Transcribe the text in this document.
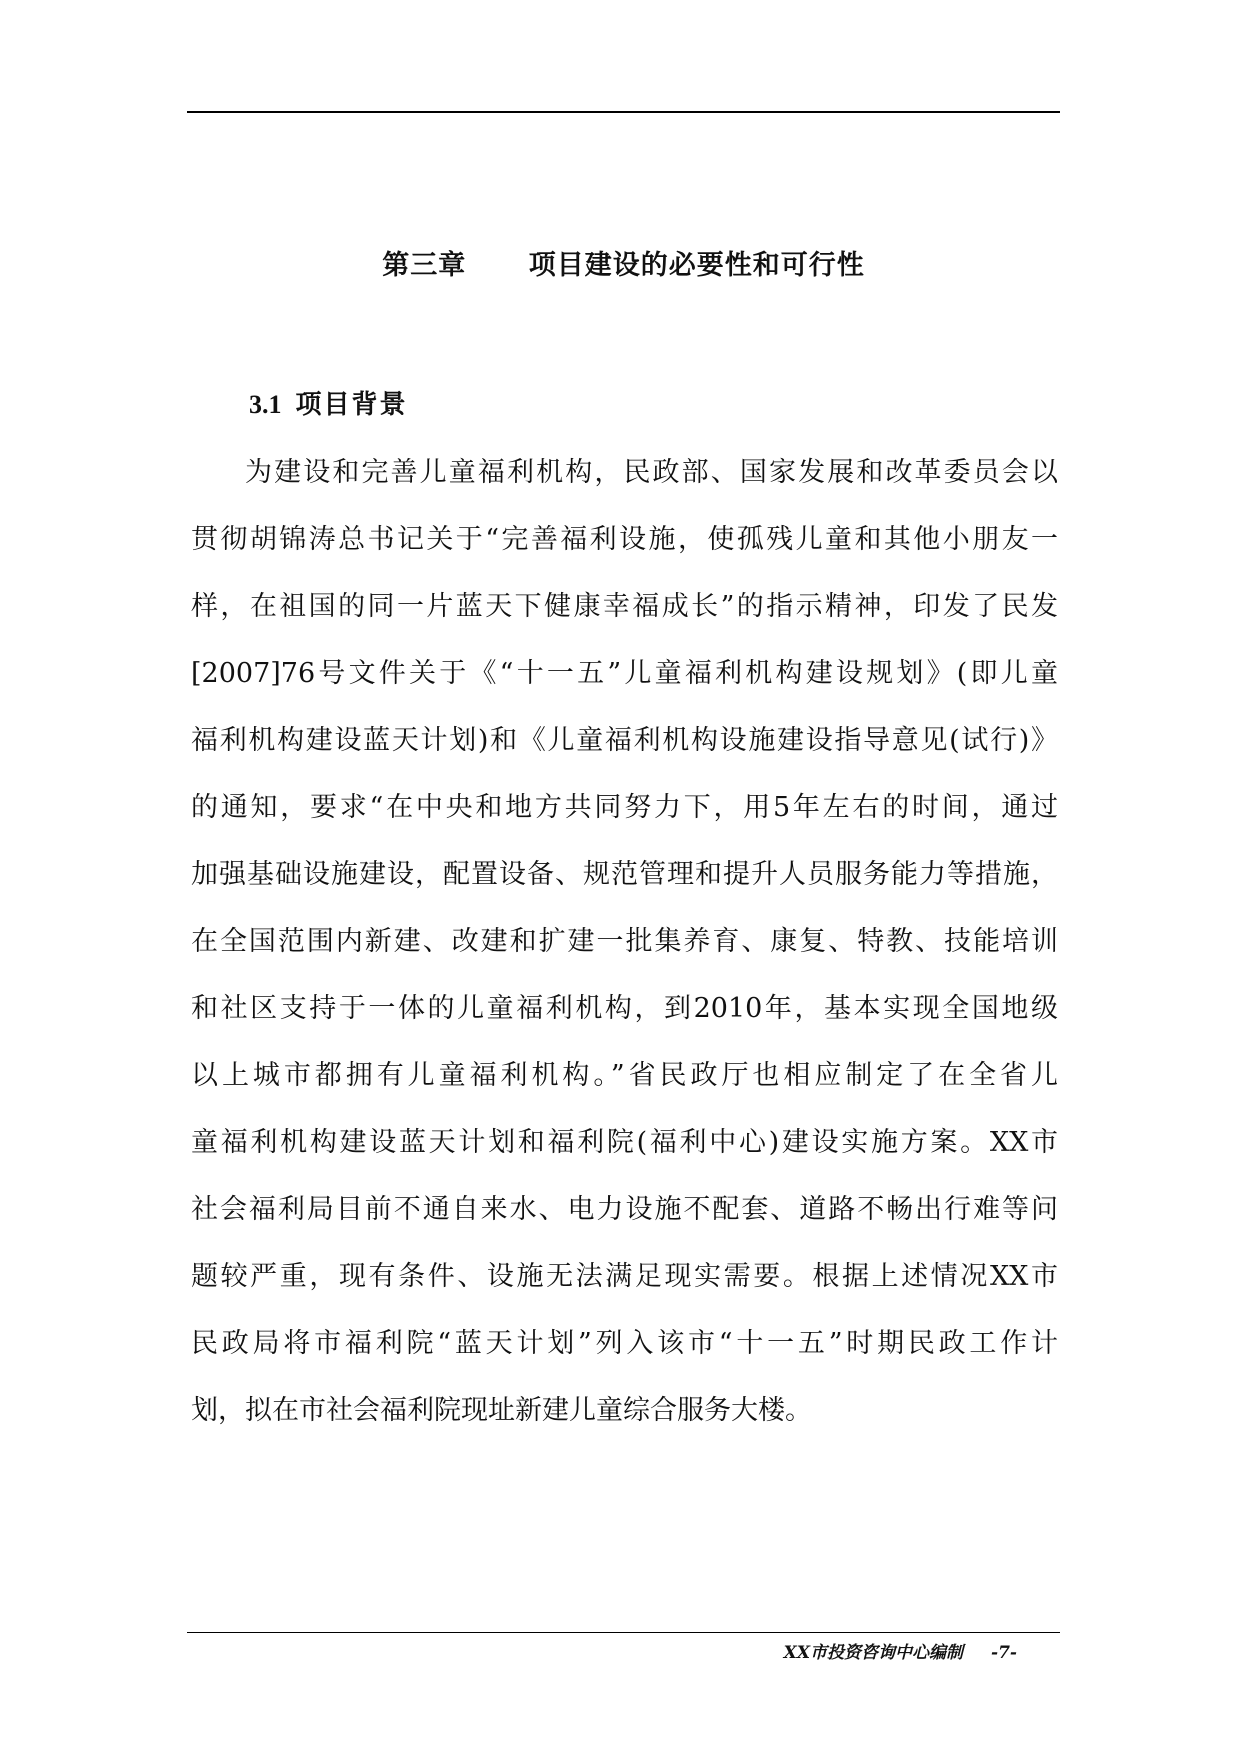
第三章      项目建设的必要性和可行性
3.1 项目背景
为建设和完善儿童福利机构，民政部、国家发展和改革委员会以
贯彻胡锦涛总书记关于“完善福利设施，使孤残儿童和其他小朋友一
样，在祖国的同一片蓝天下健康幸福成长”的指示精神，印发了民发
[2007]76号文件关于《“十一五”儿童福利机构建设规划》(即儿童
福利机构建设蓝天计划)和《儿童福利机构设施建设指导意见(试行)》
的通知，要求“在中央和地方共同努力下，用5年左右的时间，通过
加强基础设施建设，配置设备、规范管理和提升人员服务能力等措施，
在全国范围内新建、改建和扩建一批集养育、康复、特教、技能培训
和社区支持于一体的儿童福利机构，到2010年，基本实现全国地级
以上城市都拥有儿童福利机构。”省民政厅也相应制定了在全省儿
童福利机构建设蓝天计划和福利院(福利中心)建设实施方案。XX市
社会福利局目前不通自来水、电力设施不配套、道路不畅出行难等问
题较严重，现有条件、设施无法满足现实需要。根据上述情况XX市
民政局将市福利院“蓝天计划”列入该市“十一五”时期民政工作计
划，拟在市社会福利院现址新建儿童综合服务大楼。
XX市投资咨询中心编制 -7-
